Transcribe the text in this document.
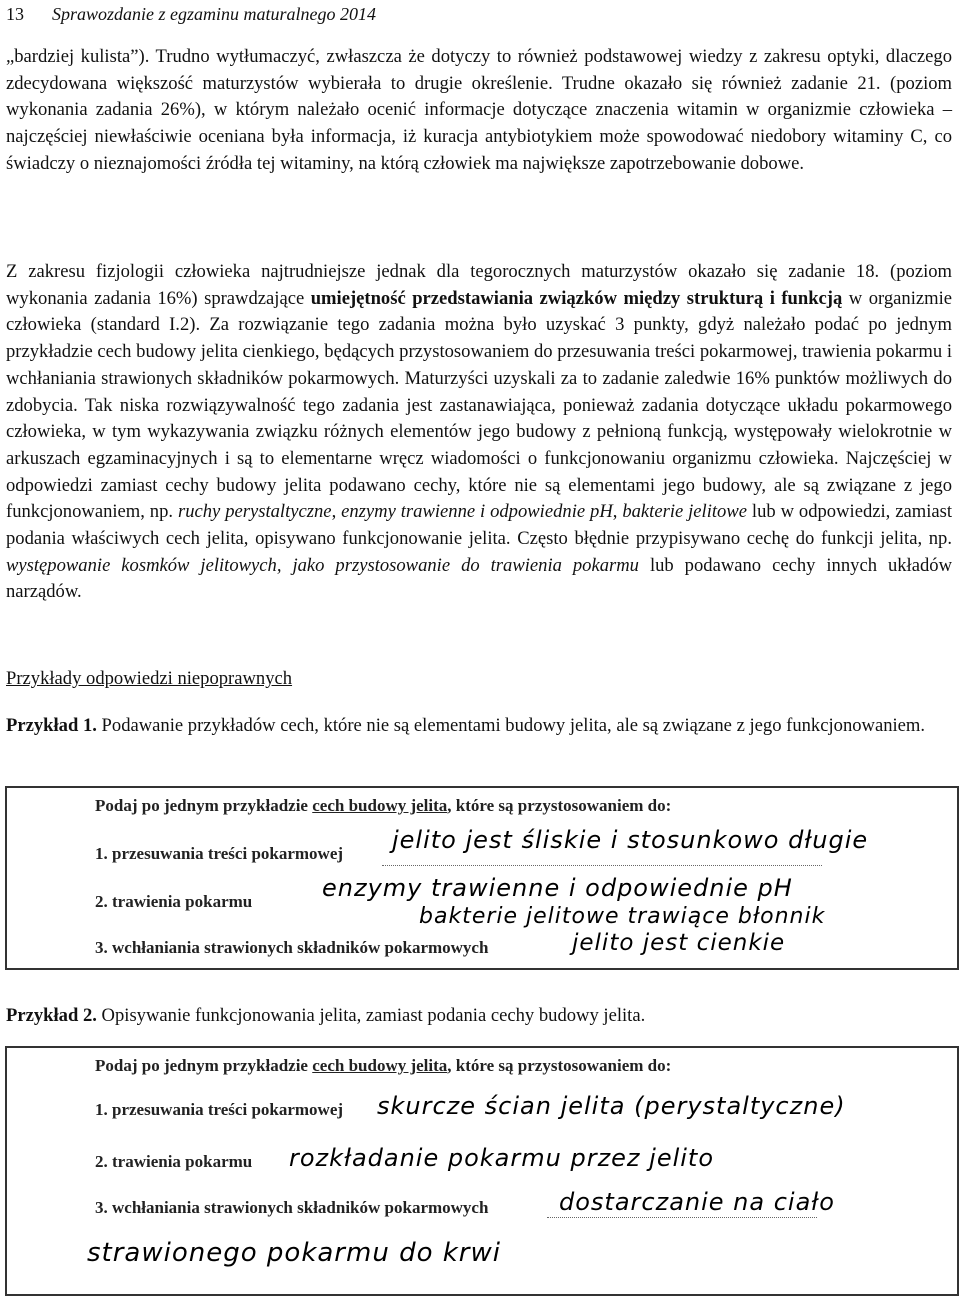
13 Sprawozdanie z egzaminu maturalnego 2014

„bardziej kulista”). Trudno wytłumaczyć, zwłaszcza że dotyczy to również podstawowej wiedzy z zakresu optyki, dlaczego zdecydowana większość maturzystów wybierała to drugie określenie. Trudne okazało się również zadanie 21. (poziom wykonania zadania 26%), w którym należało ocenić informacje dotyczące znaczenia witamin w organizmie człowieka – najczęściej niewłaściwie oceniana była informacja, iż kuracja antybiotykiem może spowodować niedobory witaminy C, co świadczy o nieznajomości źródła tej witaminy, na którą człowiek ma największe zapotrzebowanie dobowe.

Z zakresu fizjologii człowieka najtrudniejsze jednak dla tegorocznych maturzystów okazało się zadanie 18. (poziom wykonania zadania 16%) sprawdzające umiejętność przedstawiania związków między strukturą i funkcją w organizmie człowieka (standard I.2). Za rozwiązanie tego zadania można było uzyskać 3 punkty, gdyż należało podać po jednym przykładzie cech budowy jelita cienkiego, będących przystosowaniem do przesuwania treści pokarmowej, trawienia pokarmu i wchłaniania strawionych składników pokarmowych. Maturzyści uzyskali za to zadanie zaledwie 16% punktów możliwych do zdobycia. Tak niska rozwiązywalność tego zadania jest zastanawiająca, ponieważ zadania dotyczące układu pokarmowego człowieka, w tym wykazywania związku różnych elementów jego budowy z pełnioną funkcją, występowały wielokrotnie w arkuszach egzaminacyjnych i są to elementarne wręcz wiadomości o funkcjonowaniu organizmu człowieka. Najczęściej w odpowiedzi zamiast cechy budowy jelita podawano cechy, które nie są elementami jego budowy, ale są związane z jego funkcjonowaniem, np. ruchy perystaltyczne, enzymy trawienne i odpowiednie pH, bakterie jelitowe lub w odpowiedzi, zamiast podania właściwych cech jelita, opisywano funkcjonowanie jelita. Często błędnie przypisywano cechę do funkcji jelita, np. występowanie kosmków jelitowych, jako przystosowanie do trawienia pokarmu lub podawano cechy innych układów narządów.

Przykłady odpowiedzi niepoprawnych

Przykład 1. Podawanie przykładów cech, które nie są elementami budowy jelita, ale są związane z jego funkcjonowaniem.

Podaj po jednym przykładzie cech budowy jelita, które są przystosowaniem do:
1. przesuwania treści pokarmowej jelito jest śliskie i stosunkowo długie
enzymy trawienne i odpowiednie pH
2. trawienia pokarmu
bakterie jelitowe trawiące błonnik
3. wchłaniania strawionych składników pokarmowych	jelito jest cienkie

Przykład 2. Opisywanie funkcjonowania jelita, zamiast podania cechy budowy jelita.

Podaj po jednym przykładzie cech budowy jelita, które są przystosowaniem do:
1. przesuwania treści pokarmowej skurcze ścian jelita (perystaltyczne)
2. trawienia pokarmu rozkładanie pokarmu przez jelito
3. wchłaniania strawionych składników pokarmowych	dostarczanie na ciało
strawionego pokarmu do krwi
